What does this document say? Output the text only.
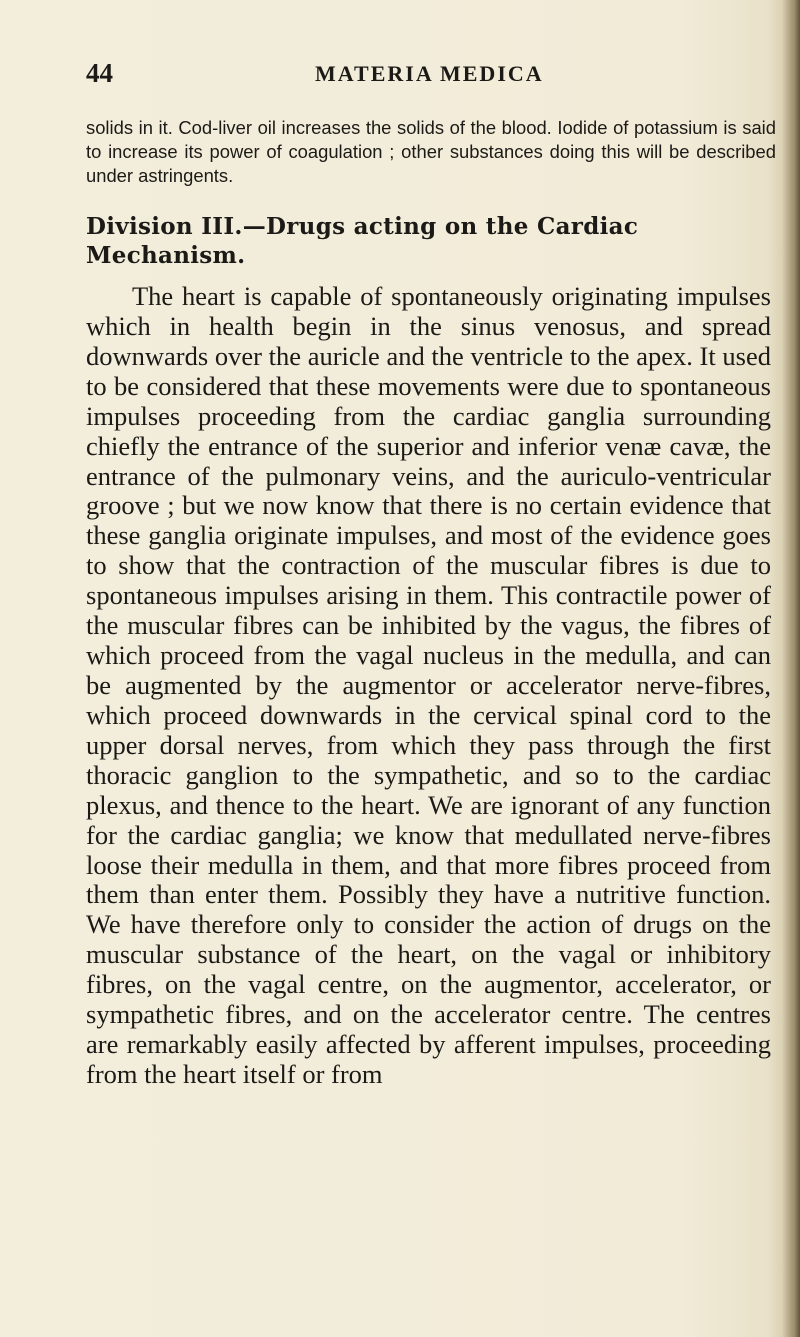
44	MATERIA MEDICA

solids in it. Cod-liver oil increases the solids of the blood. Iodide of potassium is said to increase its power of coagulation ; other substances doing this will be described under astringents.

Division III.—Drugs acting on the Cardiac Mechanism.

The heart is capable of spontaneously originating impulses which in health begin in the sinus venosus, and spread downwards over the auricle and the ventricle to the apex. It used to be considered that these movements were due to spontaneous impulses proceeding from the cardiac ganglia surrounding chiefly the entrance of the superior and inferior venæ cavæ, the entrance of the pulmonary veins, and the auriculo-ventricular groove ; but we now know that there is no certain evidence that these ganglia originate impulses, and most of the evidence goes to show that the contraction of the muscular fibres is due to spontaneous impulses arising in them. This contractile power of the muscular fibres can be inhibited by the vagus, the fibres of which proceed from the vagal nucleus in the medulla, and can be augmented by the augmentor or accelerator nerve-fibres, which proceed downwards in the cervical spinal cord to the upper dorsal nerves, from which they pass through the first thoracic ganglion to the sympathetic, and so to the cardiac plexus, and thence to the heart. We are ignorant of any function for the cardiac ganglia; we know that medullated nerve-fibres loose their medulla in them, and that more fibres proceed from them than enter them. Possibly they have a nutritive function. We have therefore only to consider the action of drugs on the muscular substance of the heart, on the vagal or inhibitory fibres, on the vagal centre, on the augmentor, accelerator, or sympathetic fibres, and on the accelerator centre. The centres are remarkably easily affected by afferent impulses, proceeding from the heart itself or from
